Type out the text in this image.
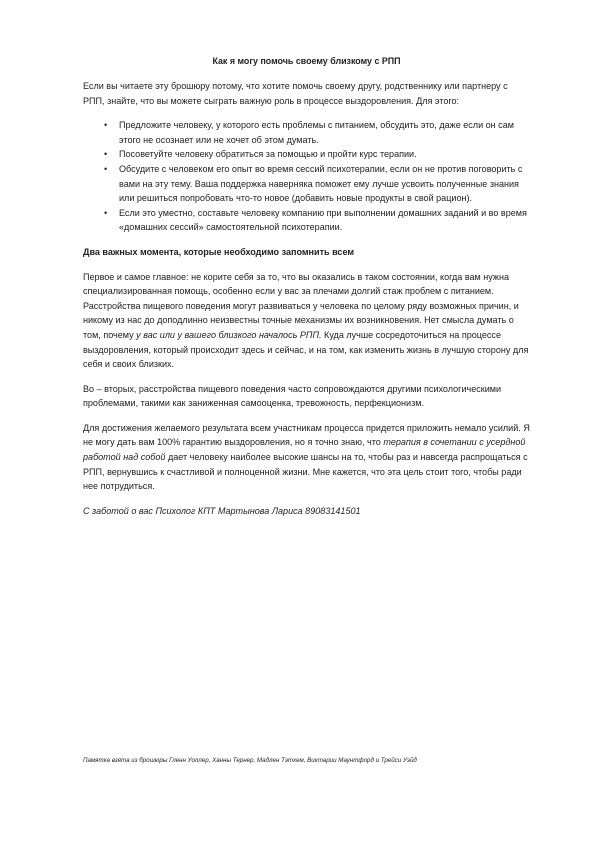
Как я могу помочь своему близкому с РПП

Если вы читаете эту брошюру потому, что хотите помочь своему другу, родственнику или партнеру с РПП, знайте, что вы можете сыграть важную роль в процессе выздоровления. Для этого:

• Предложите человеку, у которого есть проблемы с питанием, обсудить это, даже если он сам этого не осознает или не хочет об этом думать.
• Посоветуйте человеку обратиться за помощью и пройти курс терапии.
• Обсудите с человеком его опыт во время сессий психотерапии, если он не против поговорить с вами на эту тему. Ваша поддержка наверняка поможет ему лучше усвоить полученные знания или решиться попробовать что-то новое (добавить новые продукты в свой рацион).
• Если это уместно, составьте человеку компанию при выполнении домашних заданий и во время «домашних сессий» самостоятельной психотерапии.
Два важных момента, которые необходимо запомнить всем

Первое и самое главное: не корите себя за то, что вы оказались в таком состоянии, когда вам нужна специализированная помощь, особенно если у вас за плечами долгий стаж проблем с питанием. Расстройства пищевого поведения могут развиваться у человека по целому ряду возможных причин, и никому из нас до доподлинно неизвестны точные механизмы их возникновения. Нет смысла думать о том, почему у вас или у вашего близкого началось РПП. Куда лучше сосредоточиться на процессе выздоровления, который происходит здесь и сейчас, и на том, как изменить жизнь в лучшую сторону для себя и своих близких.

Во – вторых, расстройства пищевого поведения часто сопровождаются другими психологическими проблемами, такими как заниженная самооценка, тревожность, перфекционизм.

Для достижения желаемого результата всем участникам процесса придется приложить немало усилий. Я не могу дать вам 100% гарантию выздоровления, но я точно знаю, что терапия в сочетании с усердной работой над собой дает человеку наиболее высокие шансы на то, чтобы раз и навсегда распрощаться с РПП, вернувшись к счастливой и полноценной жизни. Мне кажется, что эта цель стоит того, чтобы ради нее потрудиться.

С заботой о вас Психолог КПТ Мартынова Лариса 89083141501

Памятка взята из брошюры Гленн Уоллер, Ханны Тернер, Мадлен Тэтхем, Виктарии Маунтфорд и Трейси Уэйд
